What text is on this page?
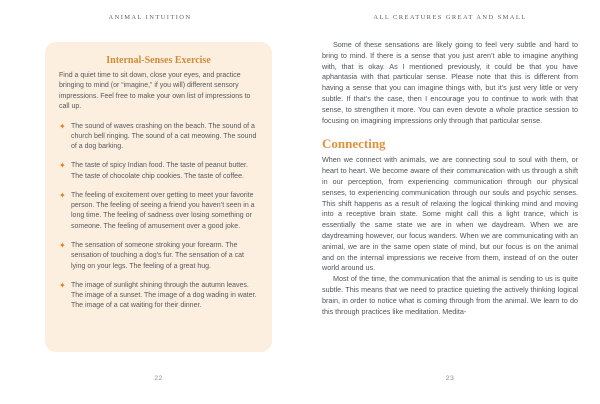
ANIMAL INTUITION
Internal-Senses Exercise
Find a quiet time to sit down, close your eyes, and practice bringing to mind (or “imagine,” if you will) different sensory impressions. Feel free to make your own list of impressions to call up.
✦ The sound of waves crashing on the beach. The sound of a church bell ringing. The sound of a cat meowing. The sound of a dog barking.
✦ The taste of spicy Indian food. The taste of peanut butter. The taste of chocolate chip cookies. The taste of coffee.
✦ The feeling of excitement over getting to meet your favorite person. The feeling of seeing a friend you haven’t seen in a long time. The feeling of sadness over losing something or someone. The feeling of amusement over a good joke.
✦ The sensation of someone stroking your forearm. The sensation of touching a dog’s fur. The sensation of a cat lying on your legs. The feeling of a great hug.
✦ The image of sunlight shining through the autumn leaves. The image of a sunset. The image of a dog wading in water. The image of a cat waiting for their dinner.
22
ALL CREATURES GREAT AND SMALL

Some of these sensations are likely going to feel very subtle and hard to bring to mind. If there is a sense that you just aren’t able to imagine anything with, that is okay. As I mentioned previously, it could be that you have aphantasia with that particular sense. Please note that this is different from having a sense that you can imagine things with, but it’s just very little or very subtle. If that’s the case, then I encourage you to continue to work with that sense, to strengthen it more. You can even devote a whole practice session to focusing on imagining impressions only through that particular sense.

Connecting

When we connect with animals, we are connecting soul to soul with them, or heart to heart. We become aware of their communication with us through a shift in our perception, from experiencing communication through our physical senses, to experiencing communication through our souls and psychic senses. This shift happens as a result of relaxing the logical thinking mind and moving into a receptive brain state. Some might call this a light trance, which is essentially the same state we are in when we daydream. When we are daydreaming however, our focus wanders. When we are communicating with an animal, we are in the same open state of mind, but our focus is on the animal and on the internal impressions we receive from them, instead of on the outer world around us.

Most of the time, the communication that the animal is sending to us is quite subtle. This means that we need to practice quieting the actively thinking logical brain, in order to notice what is coming through from the animal. We learn to do this through practices like meditation. Medita-

23
